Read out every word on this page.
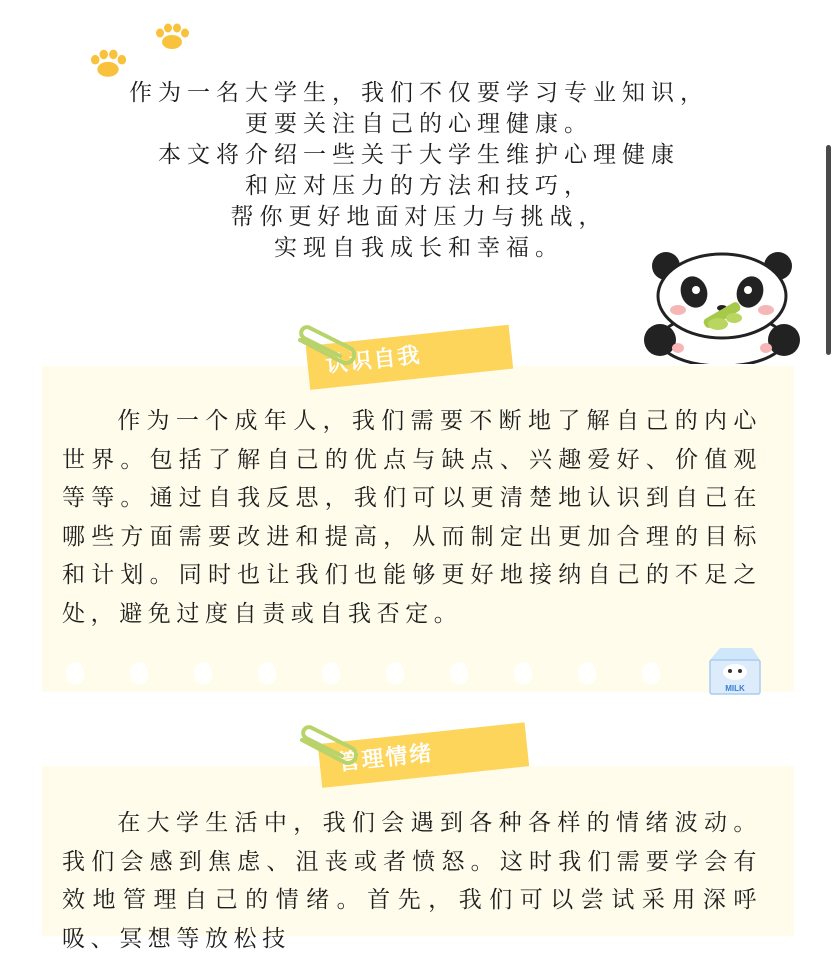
作为一名大学生，我们不仅要学习专业知识，
更要关注自己的心理健康。
本文将介绍一些关于大学生维护心理健康
和应对压力的方法和技巧，
帮你更好地面对压力与挑战，
实现自我成长和幸福。
认识自我
作为一个成年人，我们需要不断地了解自己的内心世界。包括了解自己的优点与缺点、兴趣爱好、价值观等等。通过自我反思，我们可以更清楚地认识到自己在哪些方面需要改进和提高，从而制定出更加合理的目标和计划。同时也让我们也能够更好地接纳自己的不足之处，避免过度自责或自我否定。
MILK
管理情绪
在大学生活中，我们会遇到各种各样的情绪波动。我们会感到焦虑、沮丧或者愤怒。这时我们需要学会有效地管理自己的情绪。首先，我们可以尝试采用深呼吸、冥想等放松技
